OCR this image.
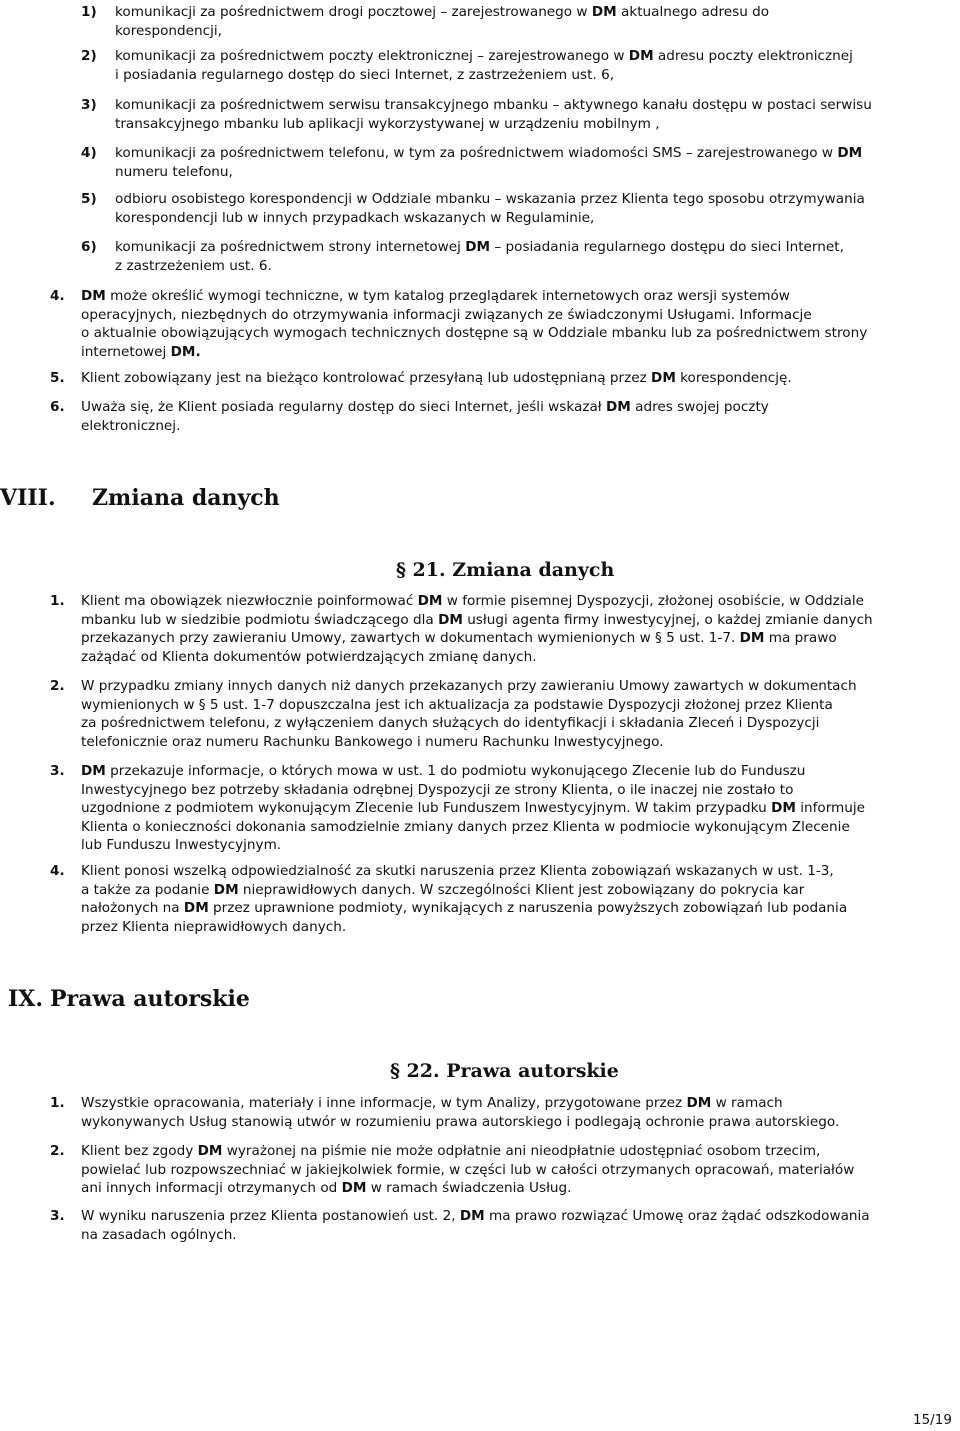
1) komunikacji za pośrednictwem drogi pocztowej – zarejestrowanego w DM aktualnego adresu do
korespondencji,
2) komunikacji za pośrednictwem poczty elektronicznej – zarejestrowanego w DM adresu poczty elektronicznej
i posiadania regularnego dostęp do sieci Internet, z zastrzeżeniem ust. 6,
3) komunikacji za pośrednictwem serwisu transakcyjnego mbanku – aktywnego kanału dostępu w postaci serwisu
transakcyjnego mbanku lub aplikacji wykorzystywanej w urządzeniu mobilnym ,
4) komunikacji za pośrednictwem telefonu, w tym za pośrednictwem wiadomości SMS – zarejestrowanego w DM
numeru telefonu,
5) odbioru osobistego korespondencji w Oddziale mbanku – wskazania przez Klienta tego sposobu otrzymywania
korespondencji lub w innych przypadkach wskazanych w Regulaminie,
6) komunikacji za pośrednictwem strony internetowej DM – posiadania regularnego dostępu do sieci Internet,
z zastrzeżeniem ust. 6.
4. DM może określić wymogi techniczne, w tym katalog przeglądarek internetowych oraz wersji systemów
operacyjnych, niezbędnych do otrzymywania informacji związanych ze świadczonymi Usługami. Informacje
o aktualnie obowiązujących wymogach technicznych dostępne są w Oddziale mbanku lub za pośrednictwem strony
internetowej DM.
5. Klient zobowiązany jest na bieżąco kontrolować przesyłaną lub udostępnianą przez DM korespondencję.
6. Uważa się, że Klient posiada regularny dostęp do sieci Internet, jeśli wskazał DM adres swojej poczty
elektronicznej.
VIII. Zmiana danych
§ 21. Zmiana danych
1. Klient ma obowiązek niezwłocznie poinformować DM w formie pisemnej Dyspozycji, złożonej osobiście, w Oddziale
mbanku lub w siedzibie podmiotu świadczącego dla DM usługi agenta firmy inwestycyjnej, o każdej zmianie danych
przekazanych przy zawieraniu Umowy, zawartych w dokumentach wymienionych w § 5 ust. 1-7. DM ma prawo
zażądać od Klienta dokumentów potwierdzających zmianę danych.
2. W przypadku zmiany innych danych niż danych przekazanych przy zawieraniu Umowy zawartych w dokumentach
wymienionych w § 5 ust. 1-7 dopuszczalna jest ich aktualizacja za podstawie Dyspozycji złożonej przez Klienta
za pośrednictwem telefonu, z wyłączeniem danych służących do identyfikacji i składania Zleceń i Dyspozycji
telefonicznie oraz numeru Rachunku Bankowego i numeru Rachunku Inwestycyjnego.
3. DM przekazuje informacje, o których mowa w ust. 1 do podmiotu wykonującego Zlecenie lub do Funduszu
Inwestycyjnego bez potrzeby składania odrębnej Dyspozycji ze strony Klienta, o ile inaczej nie zostało to
uzgodnione z podmiotem wykonującym Zlecenie lub Funduszem Inwestycyjnym. W takim przypadku DM informuje
Klienta o konieczności dokonania samodzielnie zmiany danych przez Klienta w podmiocie wykonującym Zlecenie
lub Funduszu Inwestycyjnym.
4. Klient ponosi wszelką odpowiedzialność za skutki naruszenia przez Klienta zobowiązań wskazanych w ust. 1-3,
a także za podanie DM nieprawidłowych danych. W szczególności Klient jest zobowiązany do pokrycia kar
nałożonych na DM przez uprawnione podmioty, wynikających z naruszenia powyższych zobowiązań lub podania
przez Klienta nieprawidłowych danych.
IX. Prawa autorskie
§ 22. Prawa autorskie
1. Wszystkie opracowania, materiały i inne informacje, w tym Analizy, przygotowane przez DM w ramach
wykonywanych Usług stanowią utwór w rozumieniu prawa autorskiego i podlegają ochronie prawa autorskiego.
2. Klient bez zgody DM wyrażonej na piśmie nie może odpłatnie ani nieodpłatnie udostępniać osobom trzecim,
powielać lub rozpowszechniać w jakiejkolwiek formie, w części lub w całości otrzymanych opracowań, materiałów
ani innych informacji otrzymanych od DM w ramach świadczenia Usług.
3. W wyniku naruszenia przez Klienta postanowień ust. 2, DM ma prawo rozwiązać Umowę oraz żądać odszkodowania
na zasadach ogólnych.
15/19
